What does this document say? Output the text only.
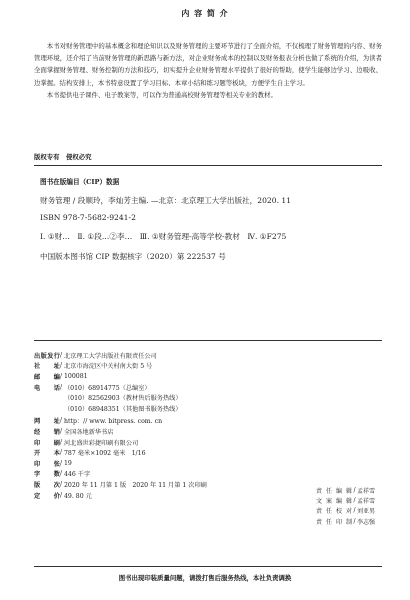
内 容 简 介

本书对财务管理中的基本概念和理论知识以及财务管理的主要环节进行了全面介绍，不仅梳理了财务管理的内容、财务管理环境，还介绍了当前财务管理的新思路与新方法，对企业财务成本的控制以及财务报表分析也做了系统的介绍，为读者全面掌握财务管理、财务控制的方法和技巧，切实提升企业财务管理水平提供了很好的帮助，使学生能够边学习、边吸收、边掌握。结构安排上，本书特意设置了学习目标、本章小结和练习题等板块，方便学生自主学习。

本书提供电子课件、电子教案等，可以作为普通高校财务管理等相关专业的教材。

版权专有　侵权必究
图书在版编目（CIP）数据
财务管理 / 段顺玲，李灿芳主编. —北京：北京理工大学出版社，2020. 11
ISBN 978-7-5682-9241-2
Ⅰ. ①财…　Ⅱ. ①段…②李…　Ⅲ. ①财务管理-高等学校-教材　Ⅳ. ①F275
中国版本图书馆 CIP 数据核字（2020）第 222537 号
出版发行 / 北京理工大学出版社有限责任公司
社　　址 / 北京市海淀区中关村南大街 5 号
邮　　编 / 100081
电　　话 / （010）68914775（总编室）
（010）82562903（教材售后服务热线）
（010）68948351（其他图书服务热线）
网　　址 / http：// www. bitpress. com. cn
经　　销 / 全国各地新华书店
印　　刷 / 河北盛世彩捷印刷有限公司
开　　本 / 787 毫米×1092 毫米　1/16
印　　张 / 19
字　　数 / 446 千字
版　　次 / 2020 年 11 月第 1 版　2020 年 11 月第 1 次印刷
定　　价 / 49. 80 元
责任编辑 / 孟祥雪
文案编辑 / 孟祥雪
责任校对 / 刘亚男
责任印制 / 李志强
图书出现印装质量问题，请拨打售后服务热线，本社负责调换
